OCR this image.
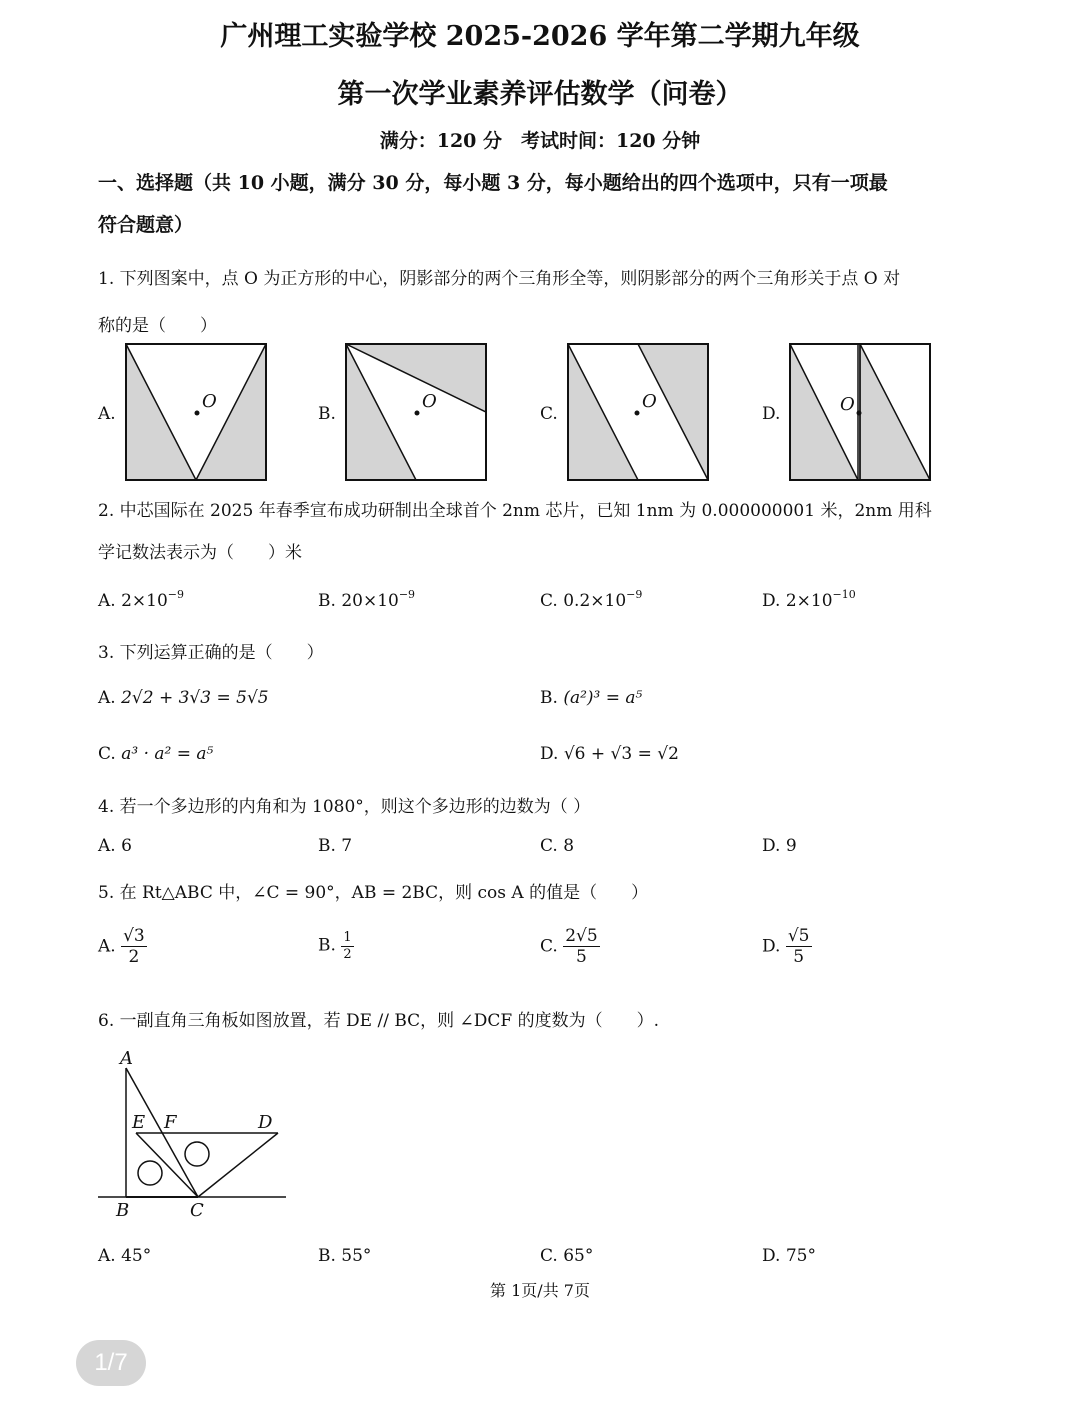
广州理工实验学校 2025-2026 学年第二学期九年级
第一次学业素养评估数学（问卷）
满分：120 分　考试时间：120 分钟
一、选择题（共 10 小题，满分 30 分，每小题 3 分，每小题给出的四个选项中，只有一项最
符合题意）
1. 下列图案中，点 O 为正方形的中心，阴影部分的两个三角形全等，则阴影部分的两个三角形关于点 O 对
称的是（　　）
A.	B.	C.	D.
O	O	O	O
2. 中芯国际在 2025 年春季宣布成功研制出全球首个 2nm 芯片，已知 1nm 为 0.000000001 米，2nm 用科
学记数法表示为（　　）米
A. $2\times 10^{-9}$	B. $20\times 10^{-9}$	C. $0.2\times 10^{-9}$	D. $2\times 10^{-10}$
3. 下列运算正确的是（　　）
A. 2√2 + 3√3 = 5√5	B. (a²)³ = a⁵
C. a³ · a² = a⁵	D. √6 + √3 = √2
4. 若一个多边形的内角和为 1080°，则这个多边形的边数为（ ）
A. 6	B. 7	C. 8	D. 9
5. 在 Rt△ABC 中，∠C = 90°，AB = 2BC，则 cos A 的值是（　　）
A. $\frac{√3}{2}$	B. $\frac{1}{2}$	C. $\frac{2√5}{5}$	D. $\frac{√5}{5}$
6. 一副直角三角板如图放置，若 DE // BC，则 ∠DCF 的度数为（　　）.
A
E F	D
B	C
A. 45°	B. 55°	C. 65°	D. 75°
第 1页/共 7页
1/7
